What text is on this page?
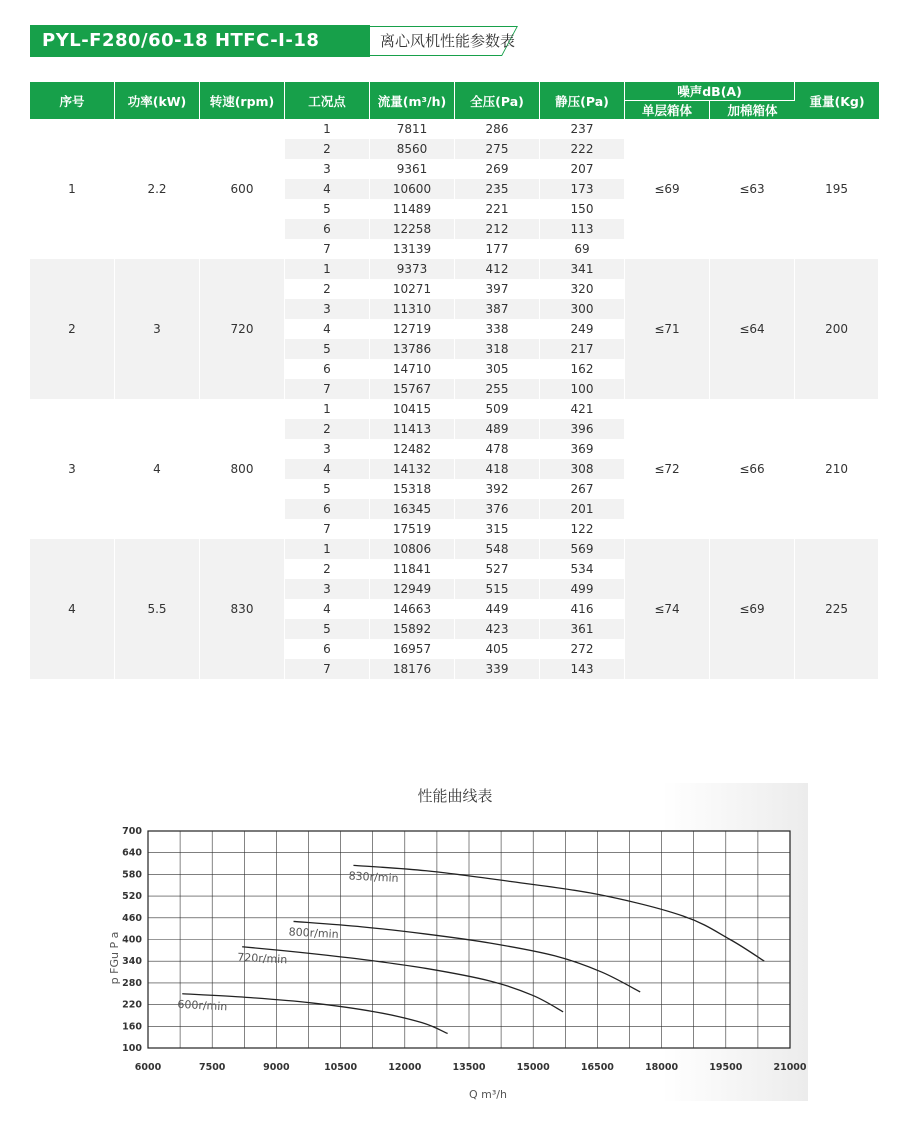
PYL-F280/60-18 HTFC-I-18	离心风机性能参数表
序号	功率(kW)	转速(rpm)	工况点	流量(m³/h)	全压(Pa)	静压(Pa)	噪声dB(A)		重量(Kg)
							单层箱体	加棉箱体	
1	2.2	600	1	7811	286	237	≤69	≤63	195
			2	8560	275	222			
			3	9361	269	207			
			4	10600	235	173			
			5	11489	221	150			
			6	12258	212	113			
			7	13139	177	69			
2	3	720	1	9373	412	341	≤71	≤64	200
			2	10271	397	320			
			3	11310	387	300			
			4	12719	338	249			
			5	13786	318	217			
			6	14710	305	162			
			7	15767	255	100			
3	4	800	1	10415	509	421	≤72	≤66	210
			2	11413	489	396			
			3	12482	478	369			
			4	14132	418	308			
			5	15318	392	267			
			6	16345	376	201			
			7	17519	315	122			
4	5.5	830	1	10806	548	569	≤74	≤69	225
			2	11841	527	534			
			3	12949	515	499			
			4	14663	449	416			
			5	15892	423	361			
			6	16957	405	272			
			7	18176	339	143			
性能曲线表
600r/min
720r/min
800r/min
830r/min
6000	7500	9000	10500	12000	13500	15000	16500	18000	19500	21000
100
160
220
280
340
400
460
520
580
640
700
Q m³/h
p FGu P a
